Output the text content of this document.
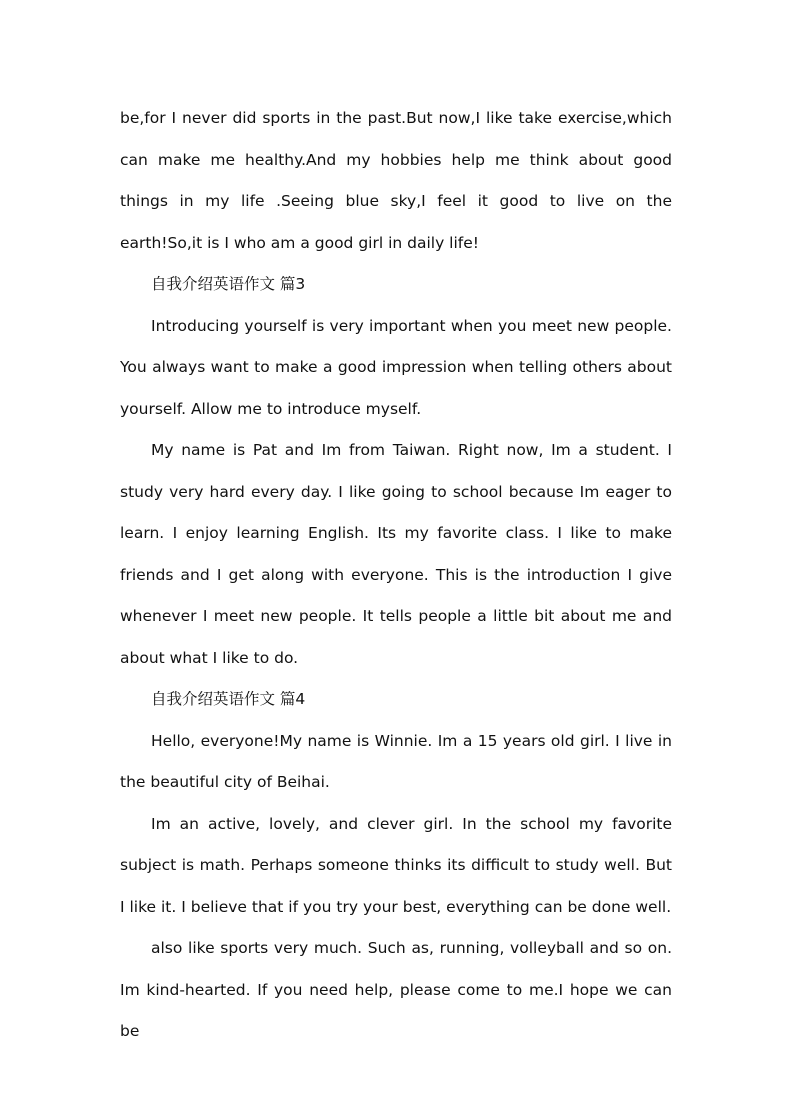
be,for I never did sports in the past.But now,I like take exercise,which can make me healthy.And my hobbies help me think about good things in my life .Seeing blue sky,I feel it good to live on the earth!So,it is I who am a good girl in daily life!

自我介绍英语作文 篇3

Introducing yourself is very important when you meet new people. You always want to make a good impression when telling others about yourself. Allow me to introduce myself.

My name is Pat and Im from Taiwan. Right now, Im a student. I study very hard every day. I like going to school because Im eager to learn. I enjoy learning English. Its my favorite class. I like to make friends and I get along with everyone. This is the introduction I give whenever I meet new people. It tells people a little bit about me and about what I like to do.

自我介绍英语作文 篇4

Hello, everyone!My name is Winnie. Im a 15 years old girl. I live in the beautiful city of Beihai.

Im an active, lovely, and clever girl. In the school my favorite subject is math. Perhaps someone thinks its difficult to study well. But I like it. I believe that if you try your best, everything can be done well.

also like sports very much. Such as, running, volleyball and so on. Im kind-hearted. If you need help, please come to me.I hope we can be
